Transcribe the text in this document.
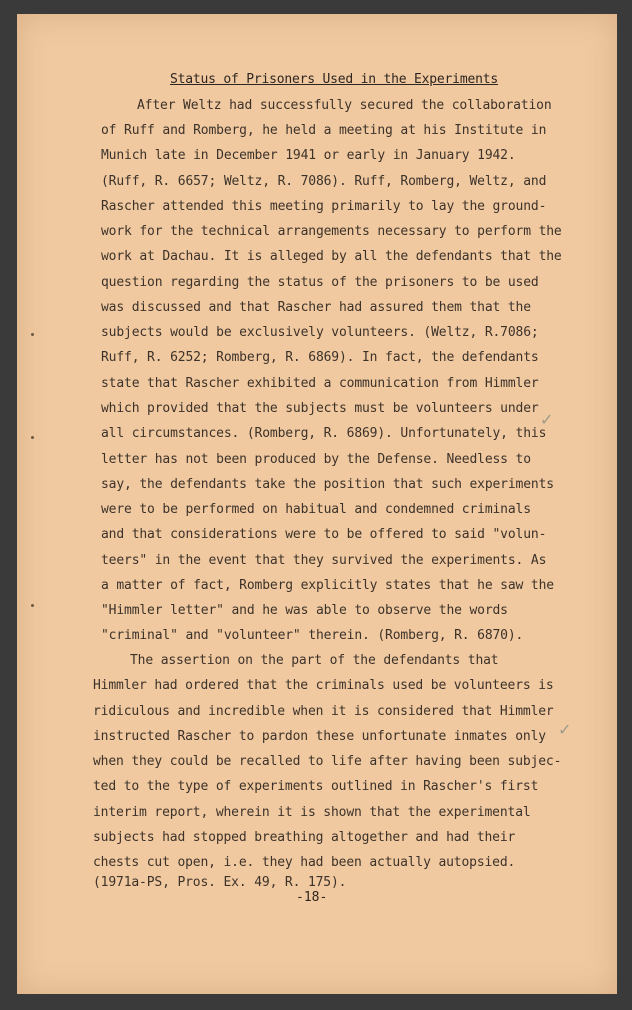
Status of Prisoners Used in the Experiments
After Weltz had successfully secured the collaboration
of Ruff and Romberg, he held a meeting at his Institute in
Munich late in December 1941 or early in January 1942.
(Ruff, R. 6657; Weltz, R. 7086). Ruff, Romberg, Weltz, and
Rascher attended this meeting primarily to lay the ground-
work for the technical arrangements necessary to perform the
work at Dachau. It is alleged by all the defendants that the
question regarding the status of the prisoners to be used
was discussed and that Rascher had assured them that the
subjects would be exclusively volunteers. (Weltz, R.7086;
Ruff, R. 6252; Romberg, R. 6869). In fact, the defendants
state that Rascher exhibited a communication from Himmler
which provided that the subjects must be volunteers under
all circumstances. (Romberg, R. 6869). Unfortunately, this
letter has not been produced by the Defense. Needless to
say, the defendants take the position that such experiments
were to be performed on habitual and condemned criminals
and that considerations were to be offered to said "volun-
teers" in the event that they survived the experiments. As
a matter of fact, Romberg explicitly states that he saw the
"Himmler letter" and he was able to observe the words
"criminal" and "volunteer" therein. (Romberg, R. 6870).
The assertion on the part of the defendants that
Himmler had ordered that the criminals used be volunteers is
ridiculous and incredible when it is considered that Himmler
instructed Rascher to pardon these unfortunate inmates only
when they could be recalled to life after having been subjec-
ted to the type of experiments outlined in Rascher's first
interim report, wherein it is shown that the experimental
subjects had stopped breathing altogether and had their
chests cut open, i.e. they had been actually autopsied.
(1971a-PS, Pros. Ex. 49, R. 175).
-18-
✓
✓
